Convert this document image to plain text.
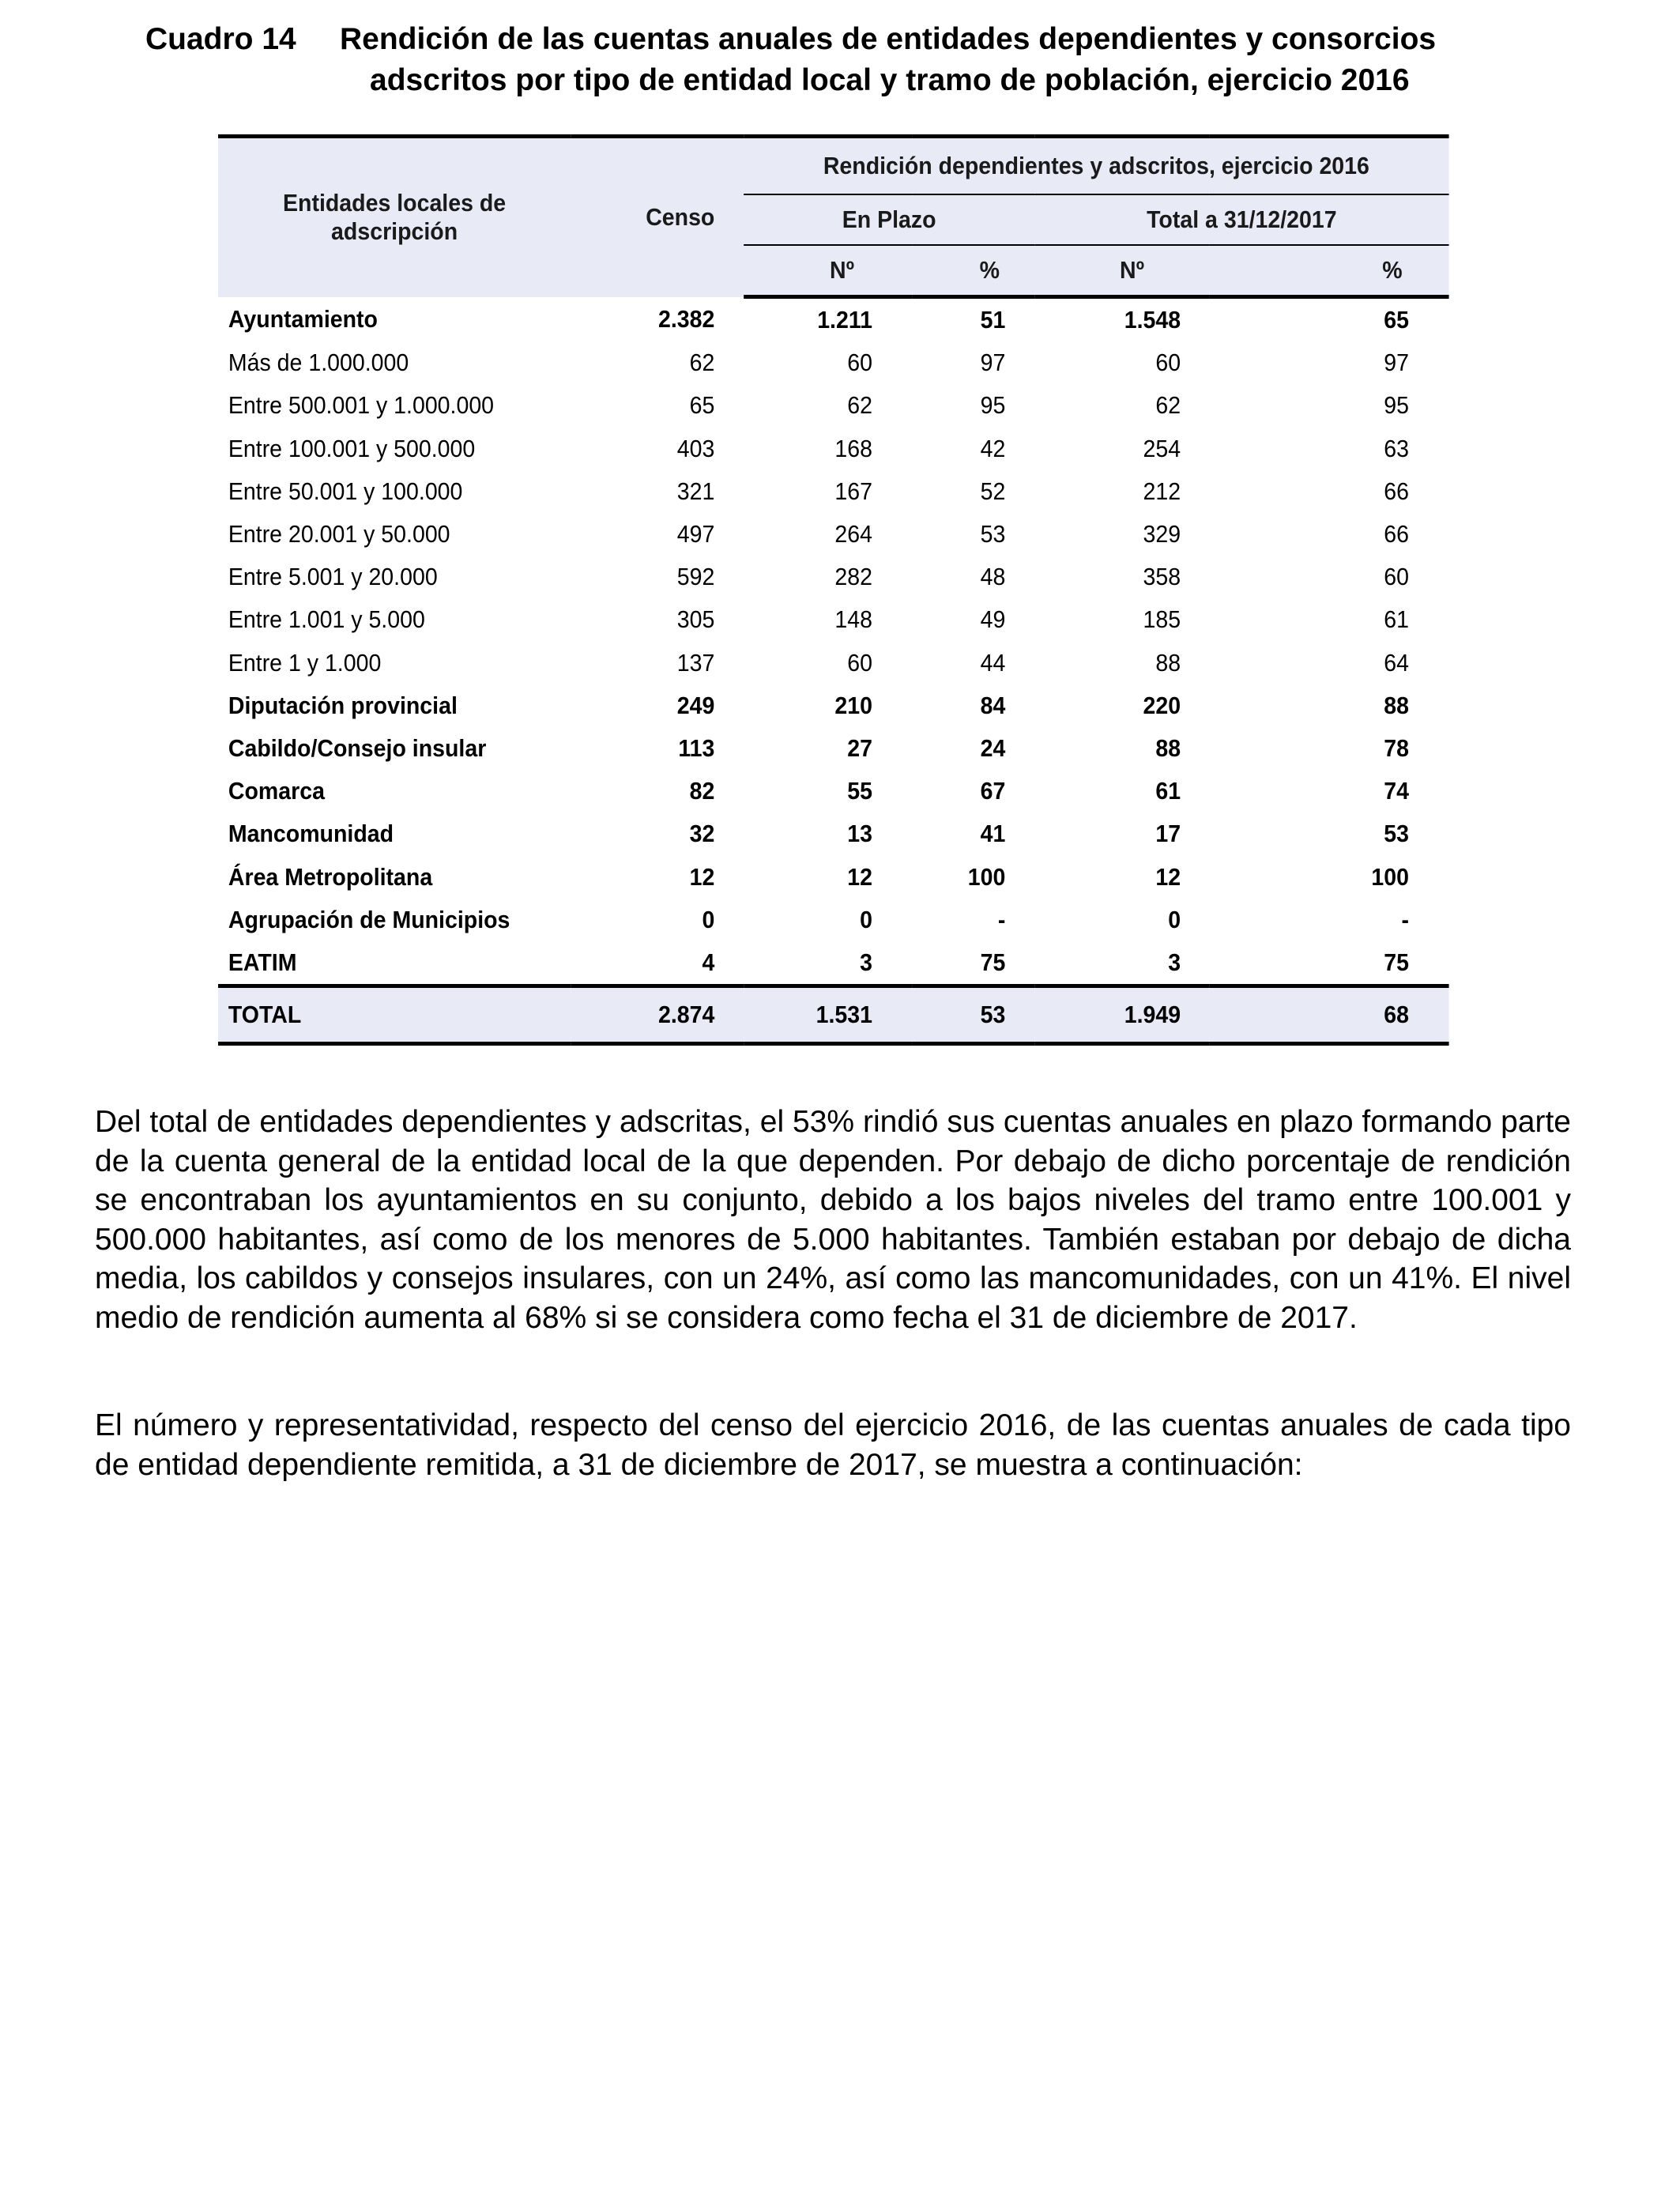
Cuadro 14 Rendición de las cuentas anuales de entidades dependientes y consorcios
adscritos por tipo de entidad local y tramo de población, ejercicio 2016
Entidades locales de adscripción	Censo	Rendición dependientes y adscritos, ejercicio 2016			
		En Plazo		Total a 31/12/2017	
		Nº	%	Nº	%
Ayuntamiento	2.382	1.211	51	1.548	65
Más de 1.000.000	62	60	97	60	97
Entre 500.001 y 1.000.000	65	62	95	62	95
Entre 100.001 y 500.000	403	168	42	254	63
Entre 50.001 y 100.000	321	167	52	212	66
Entre 20.001 y 50.000	497	264	53	329	66
Entre 5.001 y 20.000	592	282	48	358	60
Entre 1.001 y 5.000	305	148	49	185	61
Entre 1 y 1.000	137	60	44	88	64
Diputación provincial	249	210	84	220	88
Cabildo/Consejo insular	113	27	24	88	78
Comarca	82	55	67	61	74
Mancomunidad	32	13	41	17	53
Área Metropolitana	12	12	100	12	100
Agrupación de Municipios	0	0	-	0	-
EATIM	4	3	75	3	75
TOTAL	2.874	1.531	53	1.949	68

Del total de entidades dependientes y adscritas, el 53% rindió sus cuentas anuales en plazo formando parte de la cuenta general de la entidad local de la que dependen. Por debajo de dicho porcentaje de rendición se encontraban los ayuntamientos en su conjunto, debido a los bajos niveles del tramo entre 100.001 y 500.000 habitantes, así como de los menores de 5.000 habitantes. También estaban por debajo de dicha media, los cabildos y consejos insulares, con un 24%, así como las mancomunidades, con un 41%. El nivel medio de rendición aumenta al 68% si se considera como fecha el 31 de diciembre de 2017.

El número y representatividad, respecto del censo del ejercicio 2016, de las cuentas anuales de cada tipo de entidad dependiente remitida, a 31 de diciembre de 2017, se muestra a continuación:
